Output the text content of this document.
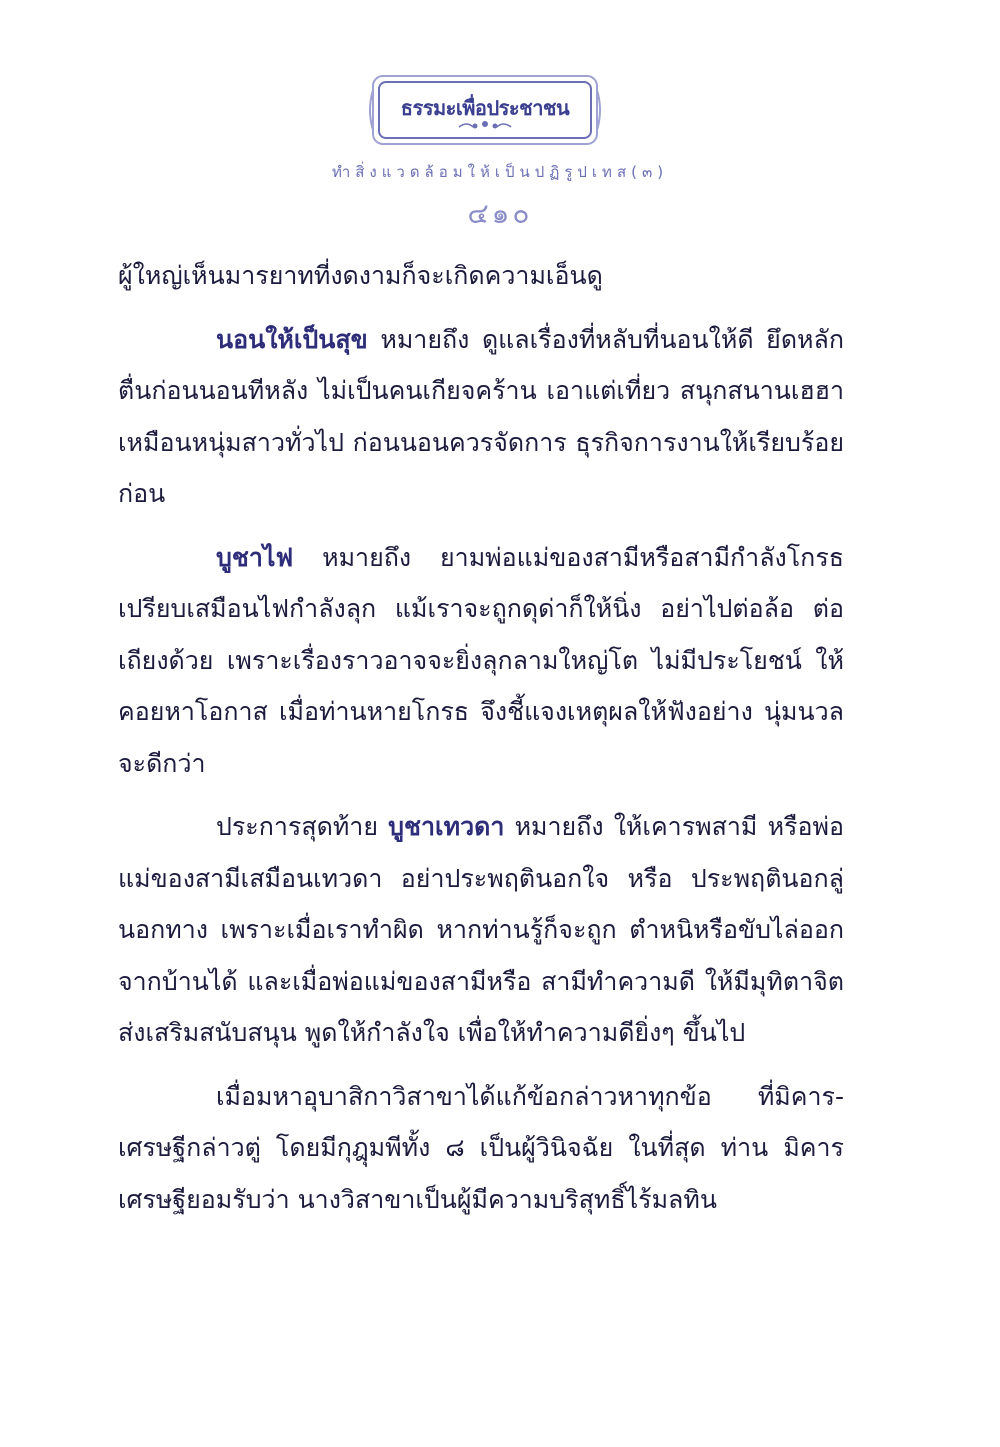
ธรรมะเพื่อประชาชน
ทำสิ่งแวดล้อมให้เป็นปฏิรูปเทส(๓)
๔๑๐

ผู้ใหญ่เห็นมารยาทที่งดงามก็จะเกิดความเอ็นดู

นอนให้เป็นสุข หมายถึง ดูแลเรื่องที่หลับที่นอนให้ดี ยึดหลักตื่นก่อนนอนทีหลัง ไม่เป็นคนเกียจคร้าน เอาแต่เที่ยว สนุกสนานเฮฮาเหมือนหนุ่มสาวทั่วไป ก่อนนอนควรจัดการ ธุรกิจการงานให้เรียบร้อยก่อน

บูชาไฟ หมายถึง ยามพ่อแม่ของสามีหรือสามีกำลังโกรธ เปรียบเสมือนไฟกำลังลุก แม้เราจะถูกดุด่าก็ให้นิ่ง อย่าไปต่อล้อ ต่อเถียงด้วย เพราะเรื่องราวอาจจะยิ่งลุกลามใหญ่โต ไม่มีประโยชน์ ให้คอยหาโอกาส เมื่อท่านหายโกรธ จึงชี้แจงเหตุผลให้ฟังอย่าง นุ่มนวลจะดีกว่า

ประการสุดท้าย บูชาเทวดา หมายถึง ให้เคารพสามี หรือพ่อแม่ของสามีเสมือนเทวดา อย่าประพฤตินอกใจ หรือ ประพฤตินอกลู่นอกทาง เพราะเมื่อเราทำผิด หากท่านรู้ก็จะถูก ตำหนิหรือขับไล่ออกจากบ้านได้ และเมื่อพ่อแม่ของสามีหรือ สามีทำความดี ให้มีมุทิตาจิต ส่งเสริมสนับสนุน พูดให้กำลังใจ เพื่อให้ทำความดียิ่งๆ ขึ้นไป

เมื่อมหาอุบาสิกาวิสาขาได้แก้ข้อกล่าวหาทุกข้อ ที่มิคาร- เศรษฐีกล่าวตู่ โดยมีกุฎุมพีทั้ง ๘ เป็นผู้วินิจฉัย ในที่สุด ท่าน มิคารเศรษฐียอมรับว่า นางวิสาขาเป็นผู้มีความบริสุทธิ์ไร้มลทิน
